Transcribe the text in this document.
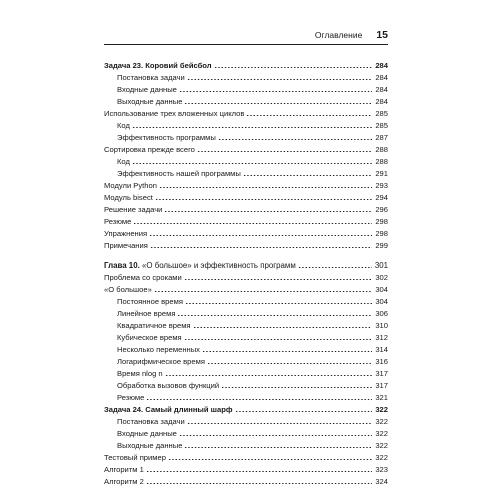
Оглавление 15
Задача 23. Коровий бейсбол	284
Постановка задачи	284
Входные данные	284
Выходные данные	284
Использование трех вложенных циклов	285
Код	285
Эффективность программы	287
Сортировка прежде всего	288
Код	288
Эффективность нашей программы	291
Модули Python	293
Модуль bisect	294
Решение задачи	296
Резюме	298
Упражнения	298
Примечания	299
Глава 10. «О большое» и эффективность программ	301
Проблема со сроками	302
«О большое»	304
Постоянное время	304
Линейное время	306
Квадратичное время	310
Кубическое время	312
Несколько переменных	314
Логарифмическое время	316
Время nlog n	317
Обработка вызовов функций	317
Резюме	321
Задача 24. Самый длинный шарф	322
Постановка задачи	322
Входные данные	322
Выходные данные	322
Тестовый пример	322
Алгоритм 1	323
Алгоритм 2	324
